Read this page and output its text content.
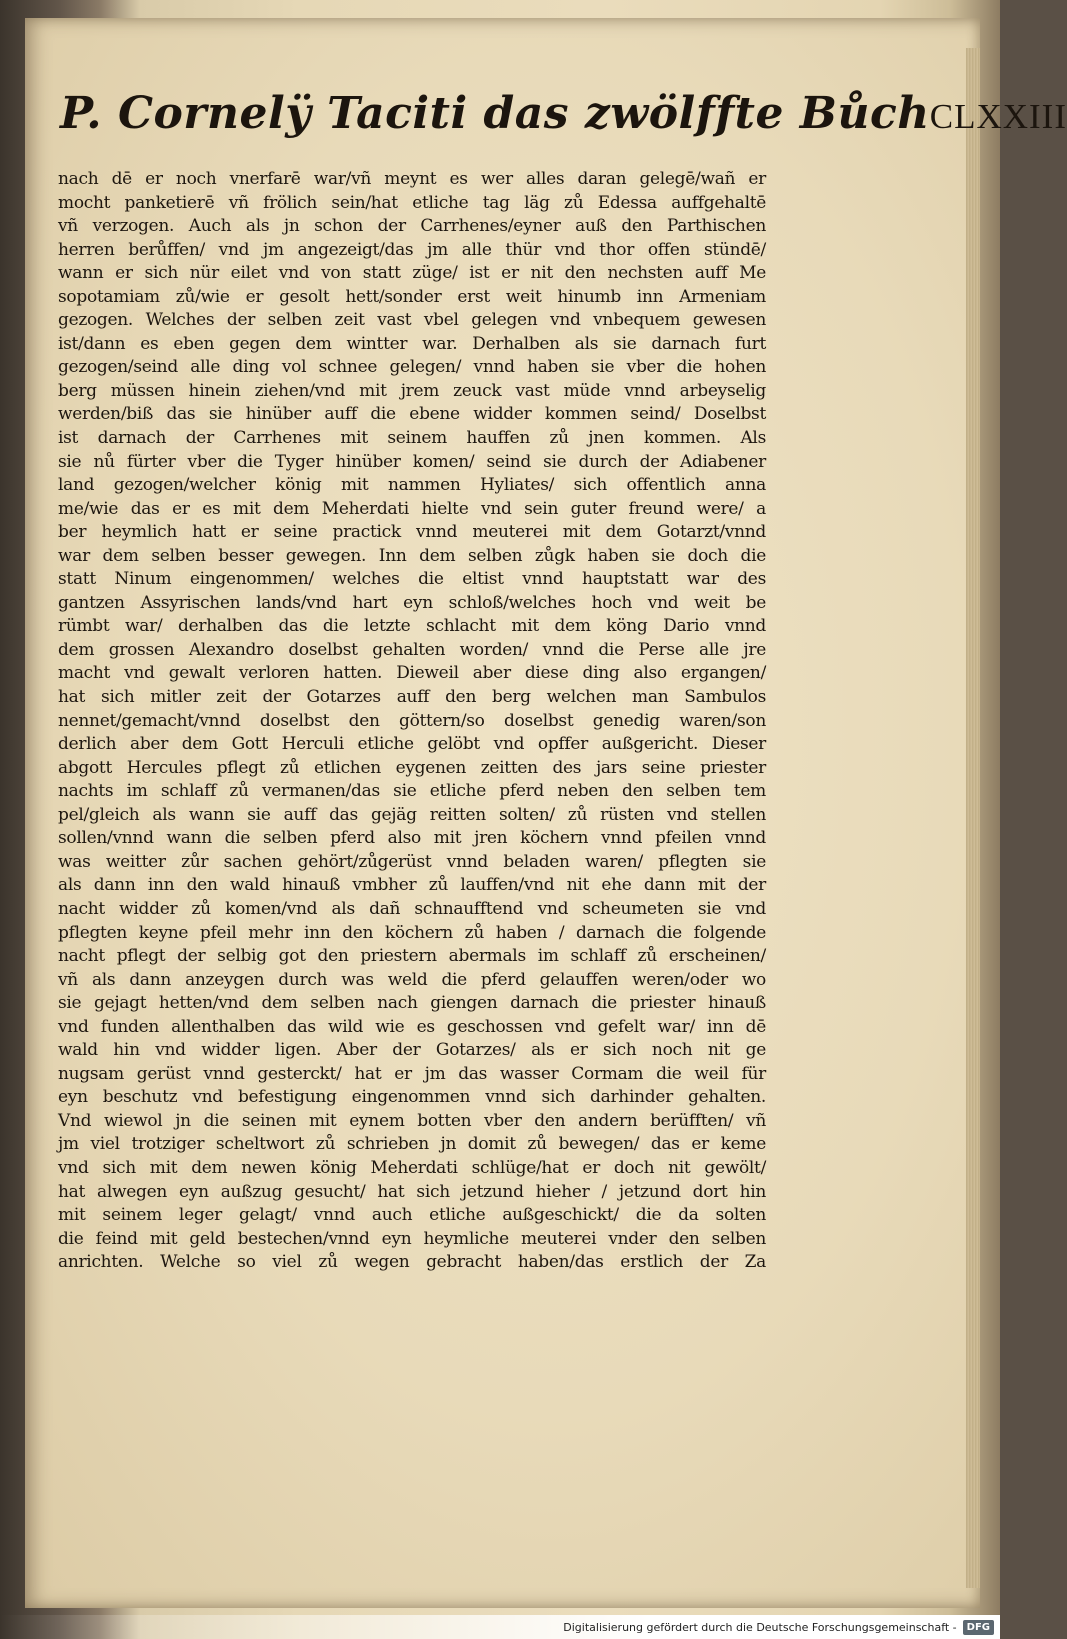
P. Cornelÿ Taciti das zwölffte Bůch CLXXIII
nach dē er noch vnerfarē war/vñ meynt es wer alles daran gelegē/wañ er
mocht panketierē vñ frölich sein/hat etliche tag läg zů Edessa auffgehaltē
vñ verzogen. Auch als jn schon der Carrhenes/eyner auß den Parthischen
herren berůffen/ vnd jm angezeigt/das jm alle thür vnd thor offen stündē/
wann er sich nür eilet vnd von statt züge/ ist er nit den nechsten auff Me
sopotamiam zů/wie er gesolt hett/sonder erst weit hinumb inn Armeniam
gezogen. Welches der selben zeit vast vbel gelegen vnd vnbequem gewesen
ist/dann es eben gegen dem wintter war. Derhalben als sie darnach furt
gezogen/seind alle ding vol schnee gelegen/ vnnd haben sie vber die hohen
berg müssen hinein ziehen/vnd mit jrem zeuck vast müde vnnd arbeyselig
werden/biß das sie hinüber auff die ebene widder kommen seind/ Doselbst
ist darnach der Carrhenes mit seinem hauffen zů jnen kommen. Als
sie nů fürter vber die Tyger hinüber komen/ seind sie durch der Adiabener
land gezogen/welcher könig mit nammen Hyliates/ sich offentlich anna
me/wie das er es mit dem Meherdati hielte vnd sein guter freund were/ a
ber heymlich hatt er seine practick vnnd meuterei mit dem Gotarzt/vnnd
war dem selben besser gewegen. Inn dem selben zůgk haben sie doch die
statt Ninum eingenommen/ welches die eltist vnnd hauptstatt war des
gantzen Assyrischen lands/vnd hart eyn schloß/welches hoch vnd weit be
rümbt war/ derhalben das die letzte schlacht mit dem köng Dario vnnd
dem grossen Alexandro doselbst gehalten worden/ vnnd die Perse alle jre
macht vnd gewalt verloren hatten. Dieweil aber diese ding also ergangen/
hat sich mitler zeit der Gotarzes auff den berg welchen man Sambulos
nennet/gemacht/vnnd doselbst den göttern/so doselbst genedig waren/son
derlich aber dem Gott Herculi etliche gelöbt vnd opffer außgericht. Dieser
abgott Hercules pflegt zů etlichen eygenen zeitten des jars seine priester
nachts im schlaff zů vermanen/das sie etliche pferd neben den selben tem
pel/gleich als wann sie auff das gejäg reitten solten/ zů rüsten vnd stellen
sollen/vnnd wann die selben pferd also mit jren köchern vnnd pfeilen vnnd
was weitter zůr sachen gehört/zůgerüst vnnd beladen waren/ pflegten sie
als dann inn den wald hinauß vmbher zů lauffen/vnd nit ehe dann mit der
nacht widder zů komen/vnd als dañ schnaufftend vnd scheumeten sie vnd
pflegten keyne pfeil mehr inn den köchern zů haben / darnach die folgende
nacht pflegt der selbig got den priestern abermals im schlaff zů erscheinen/
vñ als dann anzeygen durch was weld die pferd gelauffen weren/oder wo
sie gejagt hetten/vnd dem selben nach giengen darnach die priester hinauß
vnd funden allenthalben das wild wie es geschossen vnd gefelt war/ inn dē
wald hin vnd widder ligen. Aber der Gotarzes/ als er sich noch nit ge
nugsam gerüst vnnd gesterckt/ hat er jm das wasser Cormam die weil für
eyn beschutz vnd befestigung eingenommen vnnd sich darhinder gehalten.
Vnd wiewol jn die seinen mit eynem botten vber den andern berüfften/ vñ
jm viel trotziger scheltwort zů schrieben jn domit zů bewegen/ das er keme
vnd sich mit dem newen könig Meherdati schlüge/hat er doch nit gewölt/
hat alwegen eyn außzug gesucht/ hat sich jetzund hieher / jetzund dort hin
mit seinem leger gelagt/ vnnd auch etliche außgeschickt/ die da solten
die feind mit geld bestechen/vnnd eyn heymliche meuterei vnder den selben
anrichten. Welche so viel zů wegen gebracht haben/das erstlich der Za
Digitalisierung gefördert durch die Deutsche Forschungsgemeinschaft -	DFG
